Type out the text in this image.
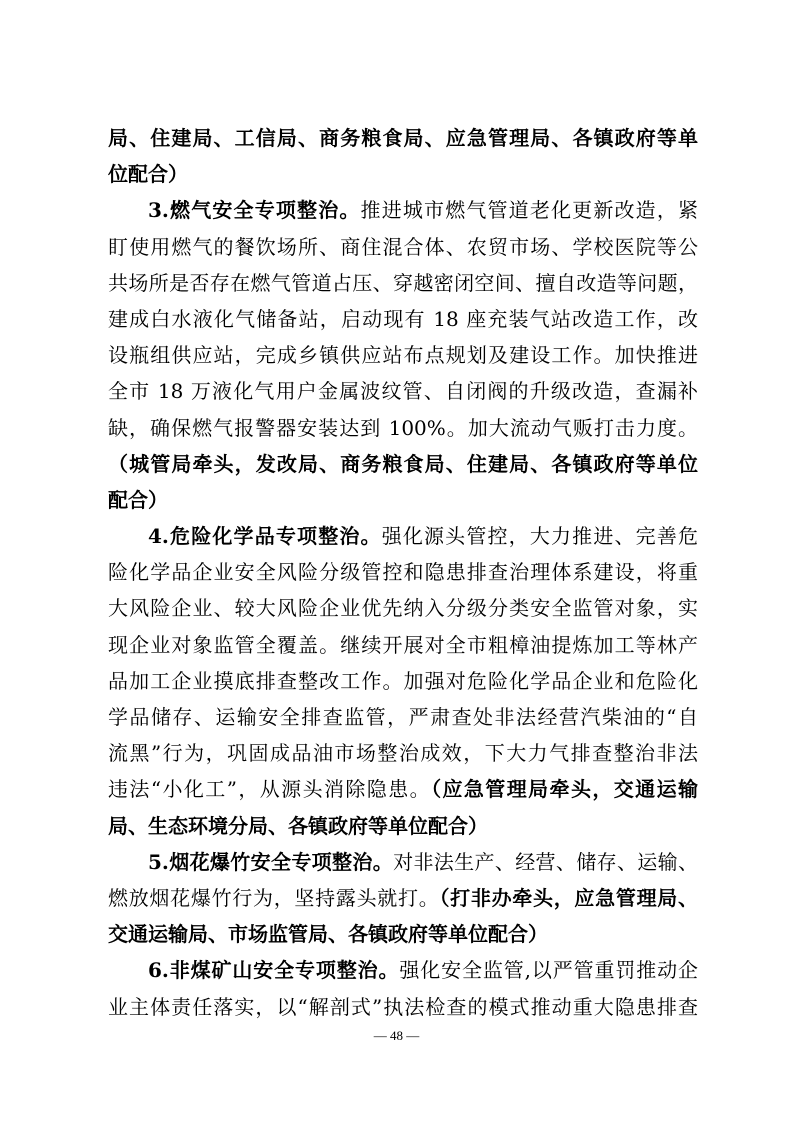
局、住建局、工信局、商务粮食局、应急管理局、各镇政府等单
位配合）
3.燃气安全专项整治。推进城市燃气管道老化更新改造，紧
盯使用燃气的餐饮场所、商住混合体、农贸市场、学校医院等公
共场所是否存在燃气管道占压、穿越密闭空间、擅自改造等问题，
建成白水液化气储备站，启动现有 18 座充装气站改造工作，改
设瓶组供应站，完成乡镇供应站布点规划及建设工作。加快推进
全市 18 万液化气用户金属波纹管、自闭阀的升级改造，查漏补
缺，确保燃气报警器安装达到 100%。加大流动气贩打击力度。
（城管局牵头，发改局、商务粮食局、住建局、各镇政府等单位
配合）
4.危险化学品专项整治。强化源头管控，大力推进、完善危
险化学品企业安全风险分级管控和隐患排查治理体系建设，将重
大风险企业、较大风险企业优先纳入分级分类安全监管对象，实
现企业对象监管全覆盖。继续开展对全市粗樟油提炼加工等林产
品加工企业摸底排查整改工作。加强对危险化学品企业和危险化
学品储存、运输安全排查监管，严肃查处非法经营汽柴油的“自
流黑”行为，巩固成品油市场整治成效，下大力气排查整治非法
违法“小化工”，从源头消除隐患。（应急管理局牵头，交通运输
局、生态环境分局、各镇政府等单位配合）
5.烟花爆竹安全专项整治。对非法生产、经营、储存、运输、
燃放烟花爆竹行为，坚持露头就打。（打非办牵头，应急管理局、
交通运输局、市场监管局、各镇政府等单位配合）
6.非煤矿山安全专项整治。强化安全监管,以严管重罚推动企
业主体责任落实，以“解剖式”执法检查的模式推动重大隐患排查
— 48 —
